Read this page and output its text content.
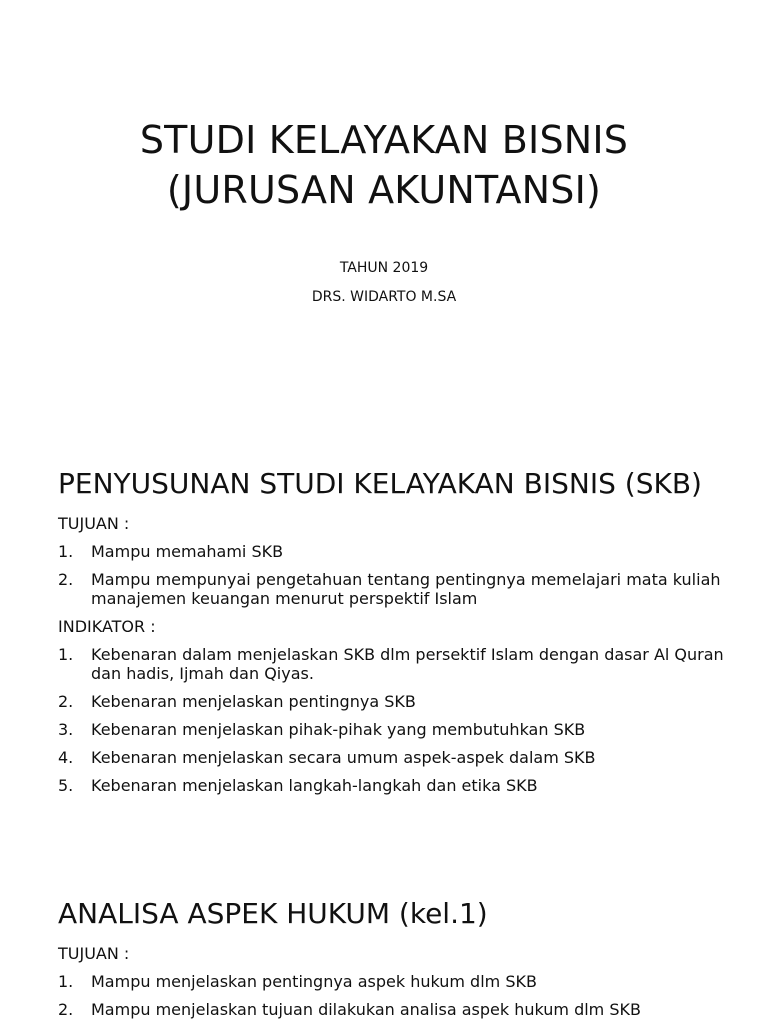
STUDI KELAYAKAN BISNIS
(JURUSAN AKUNTANSI)

TAHUN 2019

DRS. WIDARTO M.SA

PENYUSUNAN STUDI KELAYAKAN BISNIS (SKB)

TUJUAN :

1. Mampu memahami SKB
2. Mampu mempunyai pengetahuan tentang pentingnya memelajari mata kuliah manajemen keuangan menurut perspektif Islam

INDIKATOR :

1. Kebenaran dalam menjelaskan SKB dlm persektif Islam dengan dasar Al Quran dan hadis, Ijmah dan Qiyas.
2. Kebenaran menjelaskan pentingnya SKB
3. Kebenaran menjelaskan pihak-pihak yang membutuhkan SKB
4. Kebenaran menjelaskan secara umum aspek-aspek dalam SKB
5. Kebenaran menjelaskan langkah-langkah dan etika SKB
ANALISA ASPEK HUKUM (kel.1)

TUJUAN :

1. Mampu menjelaskan pentingnya aspek hukum dlm SKB
2. Mampu menjelaskan tujuan dilakukan analisa aspek hukum dlm SKB
